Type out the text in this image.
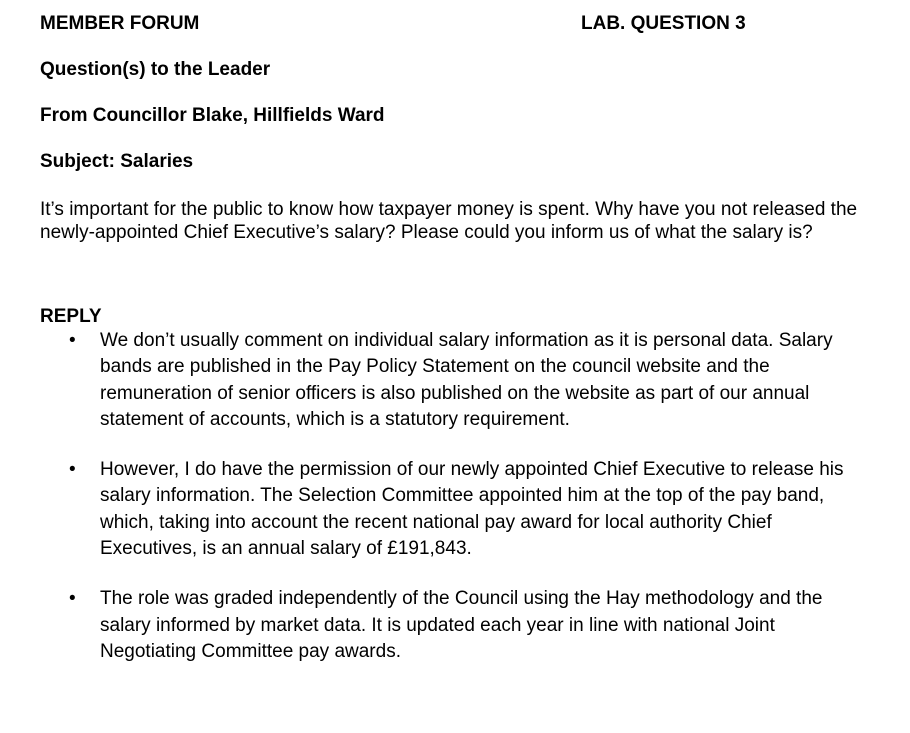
MEMBER FORUM	LAB. QUESTION 3
Question(s) to the Leader
From Councillor Blake, Hillfields Ward
Subject: Salaries
It’s important for the public to know how taxpayer money is spent. Why have you not released the newly-appointed Chief Executive’s salary? Please could you inform us of what the salary is?
REPLY
• We don’t usually comment on individual salary information as it is personal data. Salary bands are published in the Pay Policy Statement on the council website and the remuneration of senior officers is also published on the website as part of our annual statement of accounts, which is a statutory requirement.
• However, I do have the permission of our newly appointed Chief Executive to release his salary information. The Selection Committee appointed him at the top of the pay band, which, taking into account the recent national pay award for local authority Chief Executives, is an annual salary of £191,843.
• The role was graded independently of the Council using the Hay methodology and the salary informed by market data. It is updated each year in line with national Joint Negotiating Committee pay awards.
